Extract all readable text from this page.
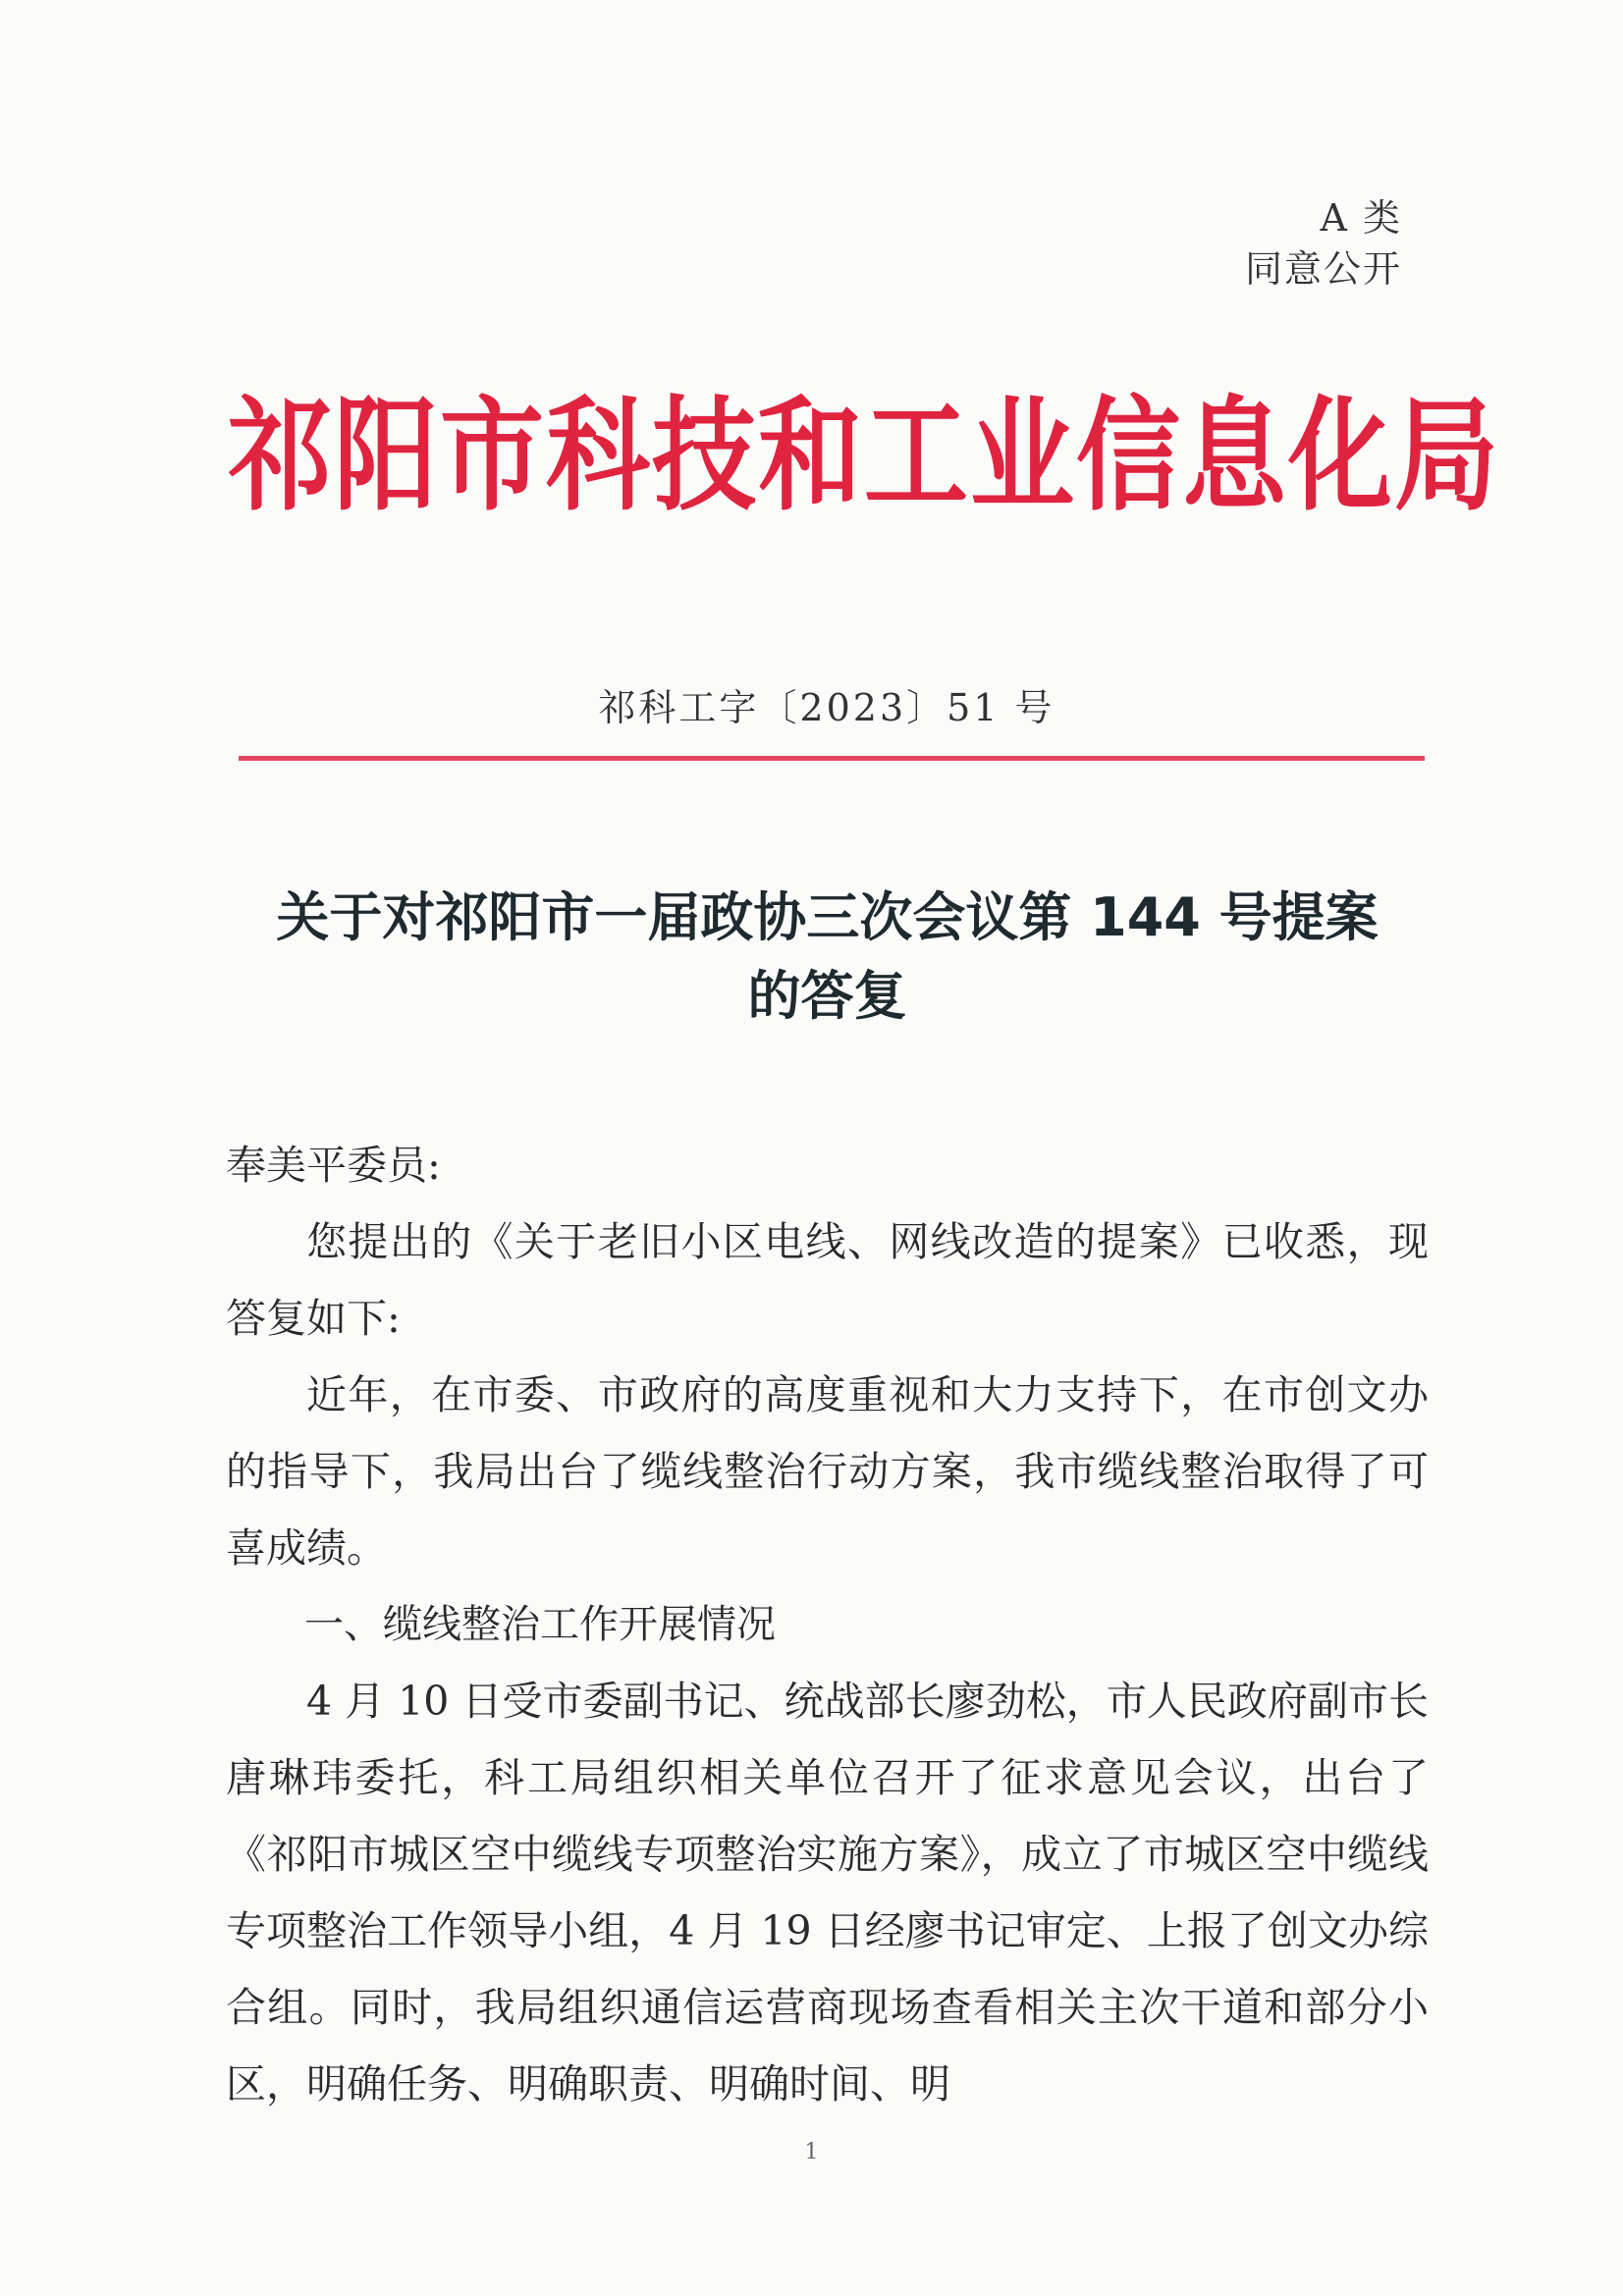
A 类
同意公开
祁阳市科技和工业信息化局
祁科工字〔2023〕51 号
关于对祁阳市一届政协三次会议第 144 号提案
的答复

奉美平委员:

您提出的《关于老旧小区电线、网线改造的提案》已收悉，现答复如下:

近年，在市委、市政府的高度重视和大力支持下，在市创文办的指导下，我局出台了缆线整治行动方案，我市缆线整治取得了可喜成绩。

一、缆线整治工作开展情况

4 月 10 日受市委副书记、统战部长廖劲松，市人民政府副市长唐琳玮委托，科工局组织相关单位召开了征求意见会议，出台了《祁阳市城区空中缆线专项整治实施方案》，成立了市城区空中缆线专项整治工作领导小组，4 月 19 日经廖书记审定、上报了创文办综合组。同时，我局组织通信运营商现场查看相关主次干道和部分小区，明确任务、明确职责、明确时间、明

1
